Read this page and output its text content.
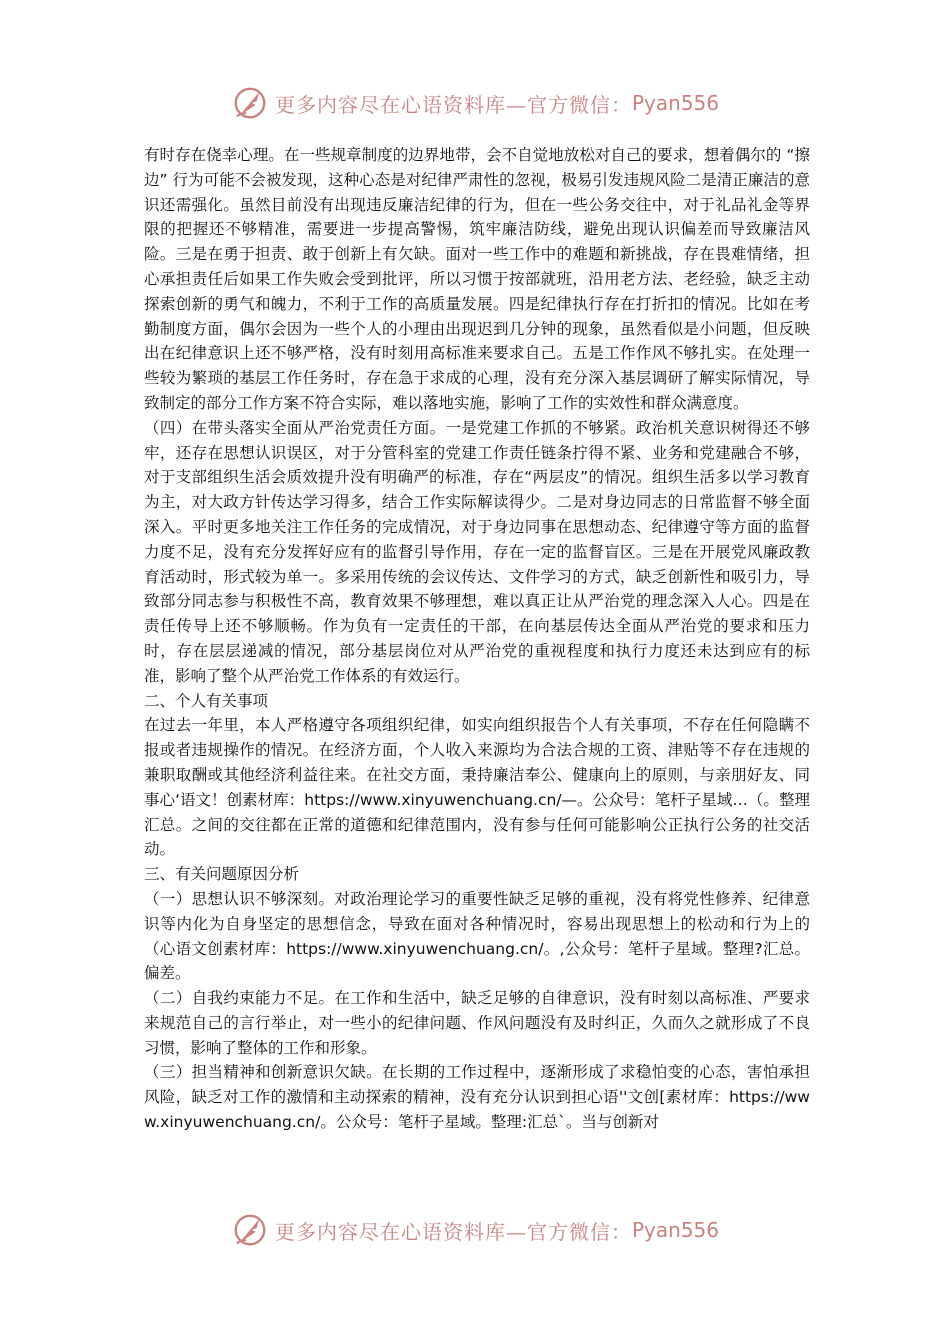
更多内容尽在心语资料库—官方微信： Pyan556

有时存在侥幸心理。在一些规章制度的边界地带，会不自觉地放松对自己的要求，想着偶尔的 “擦边” 行为可能不会被发现，这种心态是对纪律严肃性的忽视，极易引发违规风险二是清正廉洁的意识还需强化。虽然目前没有出现违反廉洁纪律的行为，但在一些公务交往中，对于礼品礼金等界限的把握还不够精准，需要进一步提高警惕，筑牢廉洁防线，避免出现认识偏差而导致廉洁风险。三是在勇于担责、敢于创新上有欠缺。面对一些工作中的难题和新挑战，存在畏难情绪，担心承担责任后如果工作失败会受到批评，所以习惯于按部就班，沿用老方法、老经验，缺乏主动探索创新的勇气和魄力，不利于工作的高质量发展。四是纪律执行存在打折扣的情况。比如在考勤制度方面，偶尔会因为一些个人的小理由出现迟到几分钟的现象，虽然看似是小问题，但反映出在纪律意识上还不够严格，没有时刻用高标准来要求自己。五是工作作风不够扎实。在处理一些较为繁琐的基层工作任务时，存在急于求成的心理，没有充分深入基层调研了解实际情况，导致制定的部分工作方案不符合实际，难以落地实施，影响了工作的实效性和群众满意度。

（四）在带头落实全面从严治党责任方面。一是党建工作抓的不够紧。政治机关意识树得还不够牢，还存在思想认识误区，对于分管科室的党建工作责任链条拧得不紧、业务和党建融合不够，对于支部组织生活会质效提升没有明确严的标准，存在“两层皮”的情况。组织生活多以学习教育为主，对大政方针传达学习得多，结合工作实际解读得少。二是对身边同志的日常监督不够全面深入。平时更多地关注工作任务的完成情况，对于身边同事在思想动态、纪律遵守等方面的监督力度不足，没有充分发挥好应有的监督引导作用，存在一定的监督盲区。三是在开展党风廉政教育活动时，形式较为单一。多采用传统的会议传达、文件学习的方式，缺乏创新性和吸引力，导致部分同志参与积极性不高，教育效果不够理想，难以真正让从严治党的理念深入人心。四是在责任传导上还不够顺畅。作为负有一定责任的干部，在向基层传达全面从严治党的要求和压力时，存在层层递减的情况，部分基层岗位对从严治党的重视程度和执行力度还未达到应有的标准，影响了整个从严治党工作体系的有效运行。

二、个人有关事项

在过去一年里，本人严格遵守各项组织纪律，如实向组织报告个人有关事项，不存在任何隐瞒不报或者违规操作的情况。在经济方面，个人收入来源均为合法合规的工资、津贴等不存在违规的兼职取酬或其他经济利益往来。在社交方面，秉持廉洁奉公、健康向上的原则，与亲朋好友、同事心‘语文！创素材库：https://www.xinyuwenchuang.cn/—。公众号：笔杆子星域…（。整理汇总。之间的交往都在正常的道德和纪律范围内，没有参与任何可能影响公正执行公务的社交活动。

三、有关问题原因分析

（一）思想认识不够深刻。对政治理论学习的重要性缺乏足够的重视，没有将党性修养、纪律意识等内化为自身坚定的思想信念，导致在面对各种情况时，容易出现思想上的松动和行为上的（心语文创素材库：https://www.xinyuwenchuang.cn/。,公众号：笔杆子星域。整理?汇总。偏差。

（二）自我约束能力不足。在工作和生活中，缺乏足够的自律意识，没有时刻以高标准、严要求来规范自己的言行举止，对一些小的纪律问题、作风问题没有及时纠正，久而久之就形成了不良习惯，影响了整体的工作和形象。

（三）担当精神和创新意识欠缺。在长期的工作过程中，逐渐形成了求稳怕变的心态，害怕承担风险，缺乏对工作的激情和主动探索的精神，没有充分认识到担心语''文创[素材库：https://www.xinyuwenchuang.cn/。公众号：笔杆子星域。整理:汇总`。当与创新对

更多内容尽在心语资料库—官方微信： Pyan556
